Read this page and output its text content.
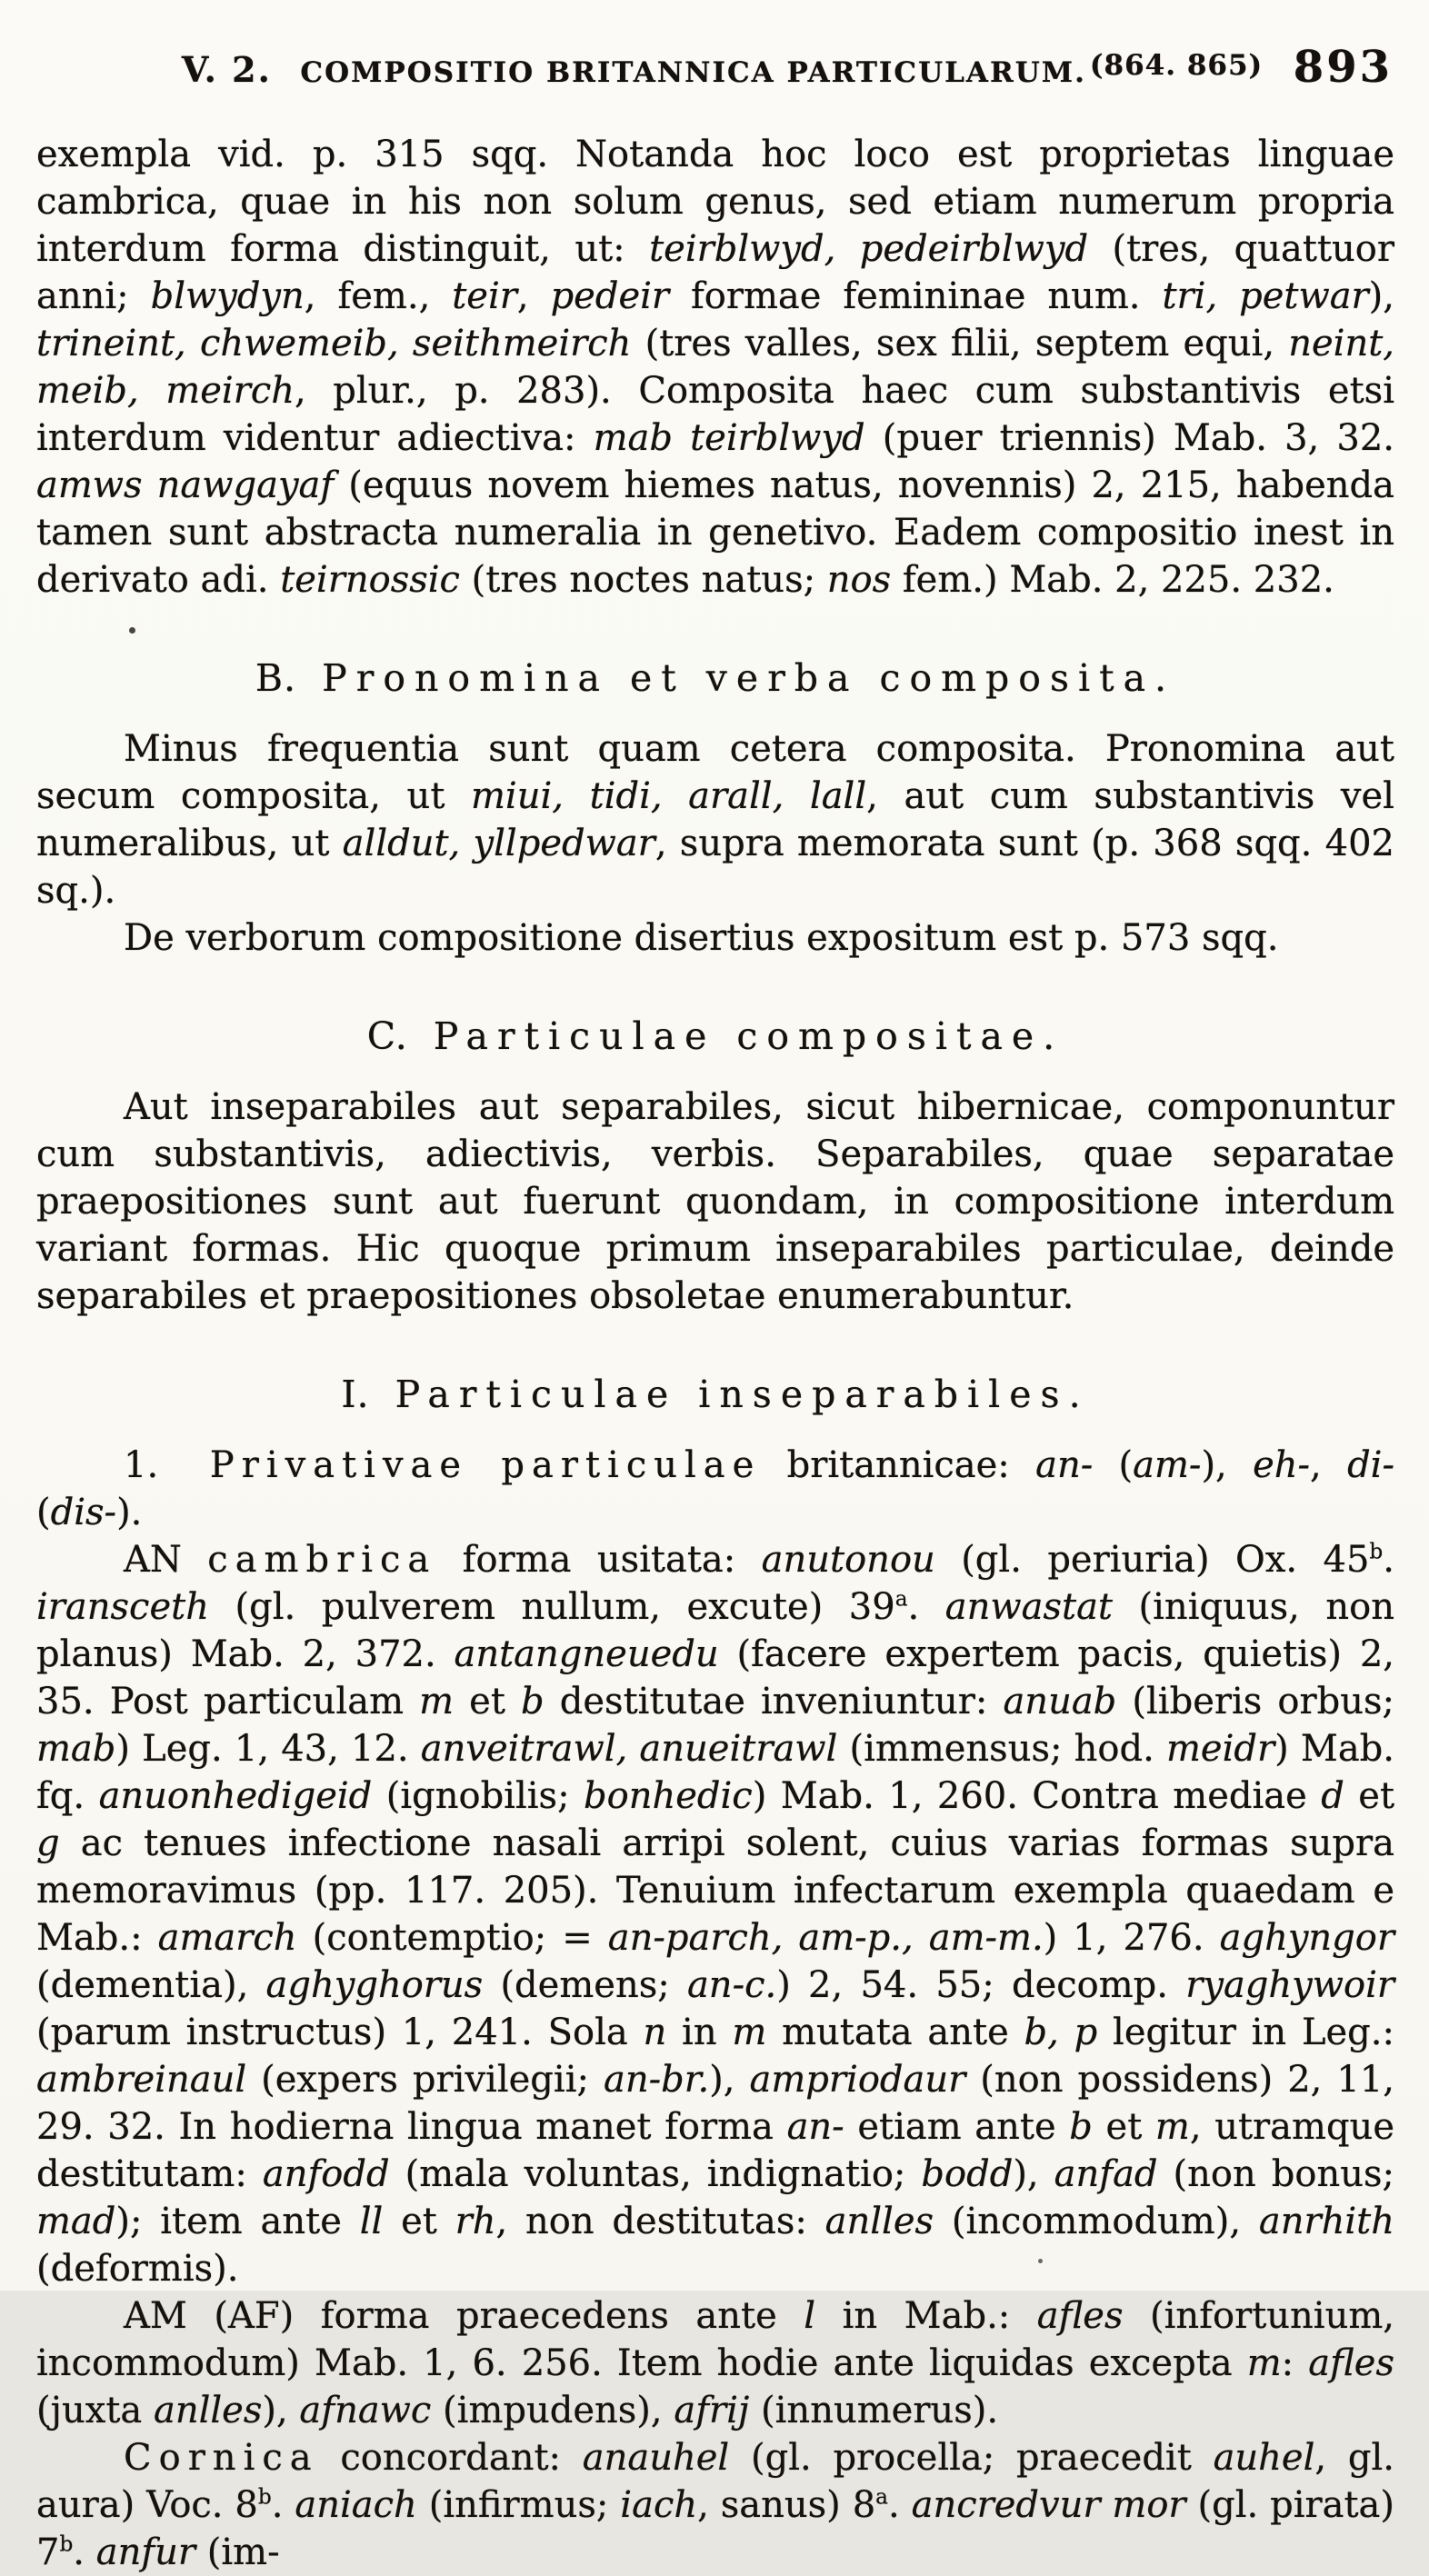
V. 2. COMPOSITIO BRITANNICA PARTICULARUM. (864. 865) 893

exempla vid. p. 315 sqq. Notanda hoc loco est proprietas linguae cambrica, quae in his non solum genus, sed etiam numerum propria interdum forma distinguit, ut: teirblwyd, pedeirblwyd (tres, quattuor anni; blwydyn, fem., teir, pedeir formae femininae num. tri, petwar), trineint, chwemeib, seithmeirch (tres valles, sex filii, septem equi, neint, meib, meirch, plur., p. 283). Composita haec cum substantivis etsi interdum videntur adiectiva: mab teirblwyd (puer triennis) Mab. 3, 32. amws nawgayaf (equus novem hiemes natus, novennis) 2, 215, habenda tamen sunt abstracta numeralia in genetivo. Eadem compositio inest in derivato adi. teirnossic (tres noctes natus; nos fem.) Mab. 2, 225. 232.

B.  Pronomina et verba composita.

Minus frequentia sunt quam cetera composita. Pronomina aut secum composita, ut miui, tidi, arall, lall, aut cum substantivis vel numeralibus, ut alldut, yllpedwar, supra memorata sunt (p. 368 sqq. 402 sq.).

De verborum compositione disertius expositum est p. 573 sqq.

C.  Particulae compositae.

Aut inseparabiles aut separabiles, sicut hibernicae, componuntur cum substantivis, adiectivis, verbis. Separabiles, quae separatae praepositiones sunt aut fuerunt quondam, in compositione interdum variant formas. Hic quoque primum inseparabiles particulae, deinde separabiles et praepositiones obsoletae enumerabuntur.

I.  Particulae inseparabiles.

1.  Privativae particulae britannicae: an- (am-), eh-, di- (dis-).

AN cambrica forma usitata: anutonou (gl. periuria) Ox. 45$^b$. iransceth (gl. pulverem nullum, excute) 39$^a$. anwastat (iniquus, non planus) Mab. 2, 372. antangneuedu (facere expertem pacis, quietis) 2, 35. Post particulam m et b destitutae inveniuntur: anuab (liberis orbus; mab) Leg. 1, 43, 12. anveitrawl, anueitrawl (immensus; hod. meidr) Mab. fq. anuonhedigeid (ignobilis; bonhedic) Mab. 1, 260. Contra mediae d et g ac tenues infectione nasali arripi solent, cuius varias formas supra memoravimus (pp. 117. 205). Tenuium infectarum exempla quaedam e Mab.: amarch (contemptio; = an-parch, am-p., am-m.) 1, 276. aghyngor (dementia), aghyghorus (demens; an-c.) 2, 54. 55; decomp. ryaghywoir (parum instructus) 1, 241. Sola n in m mutata ante b, p legitur in Leg.: ambreinaul (expers privilegii; an-br.), ampriodaur (non possidens) 2, 11, 29. 32. In hodierna lingua manet forma an- etiam ante b et m, utramque destitutam: anfodd (mala voluntas, indignatio; bodd), anfad (non bonus; mad); item ante ll et rh, non destitutas: anlles (incommodum), anrhith (deformis).

AM (AF) forma praecedens ante l in Mab.: afles (infortunium, incommodum) Mab. 1, 6. 256. Item hodie ante liquidas excepta m: afles (juxta anlles), afnawc (impudens), afrij (innumerus).

Cornica concordant: anauhel (gl. procella; praecedit auhel, gl. aura) Voc. 8$^b$. aniach (infirmus; iach, sanus) 8$^a$. ancredvur mor (gl. pirata) 7$^b$. anfur (im-
